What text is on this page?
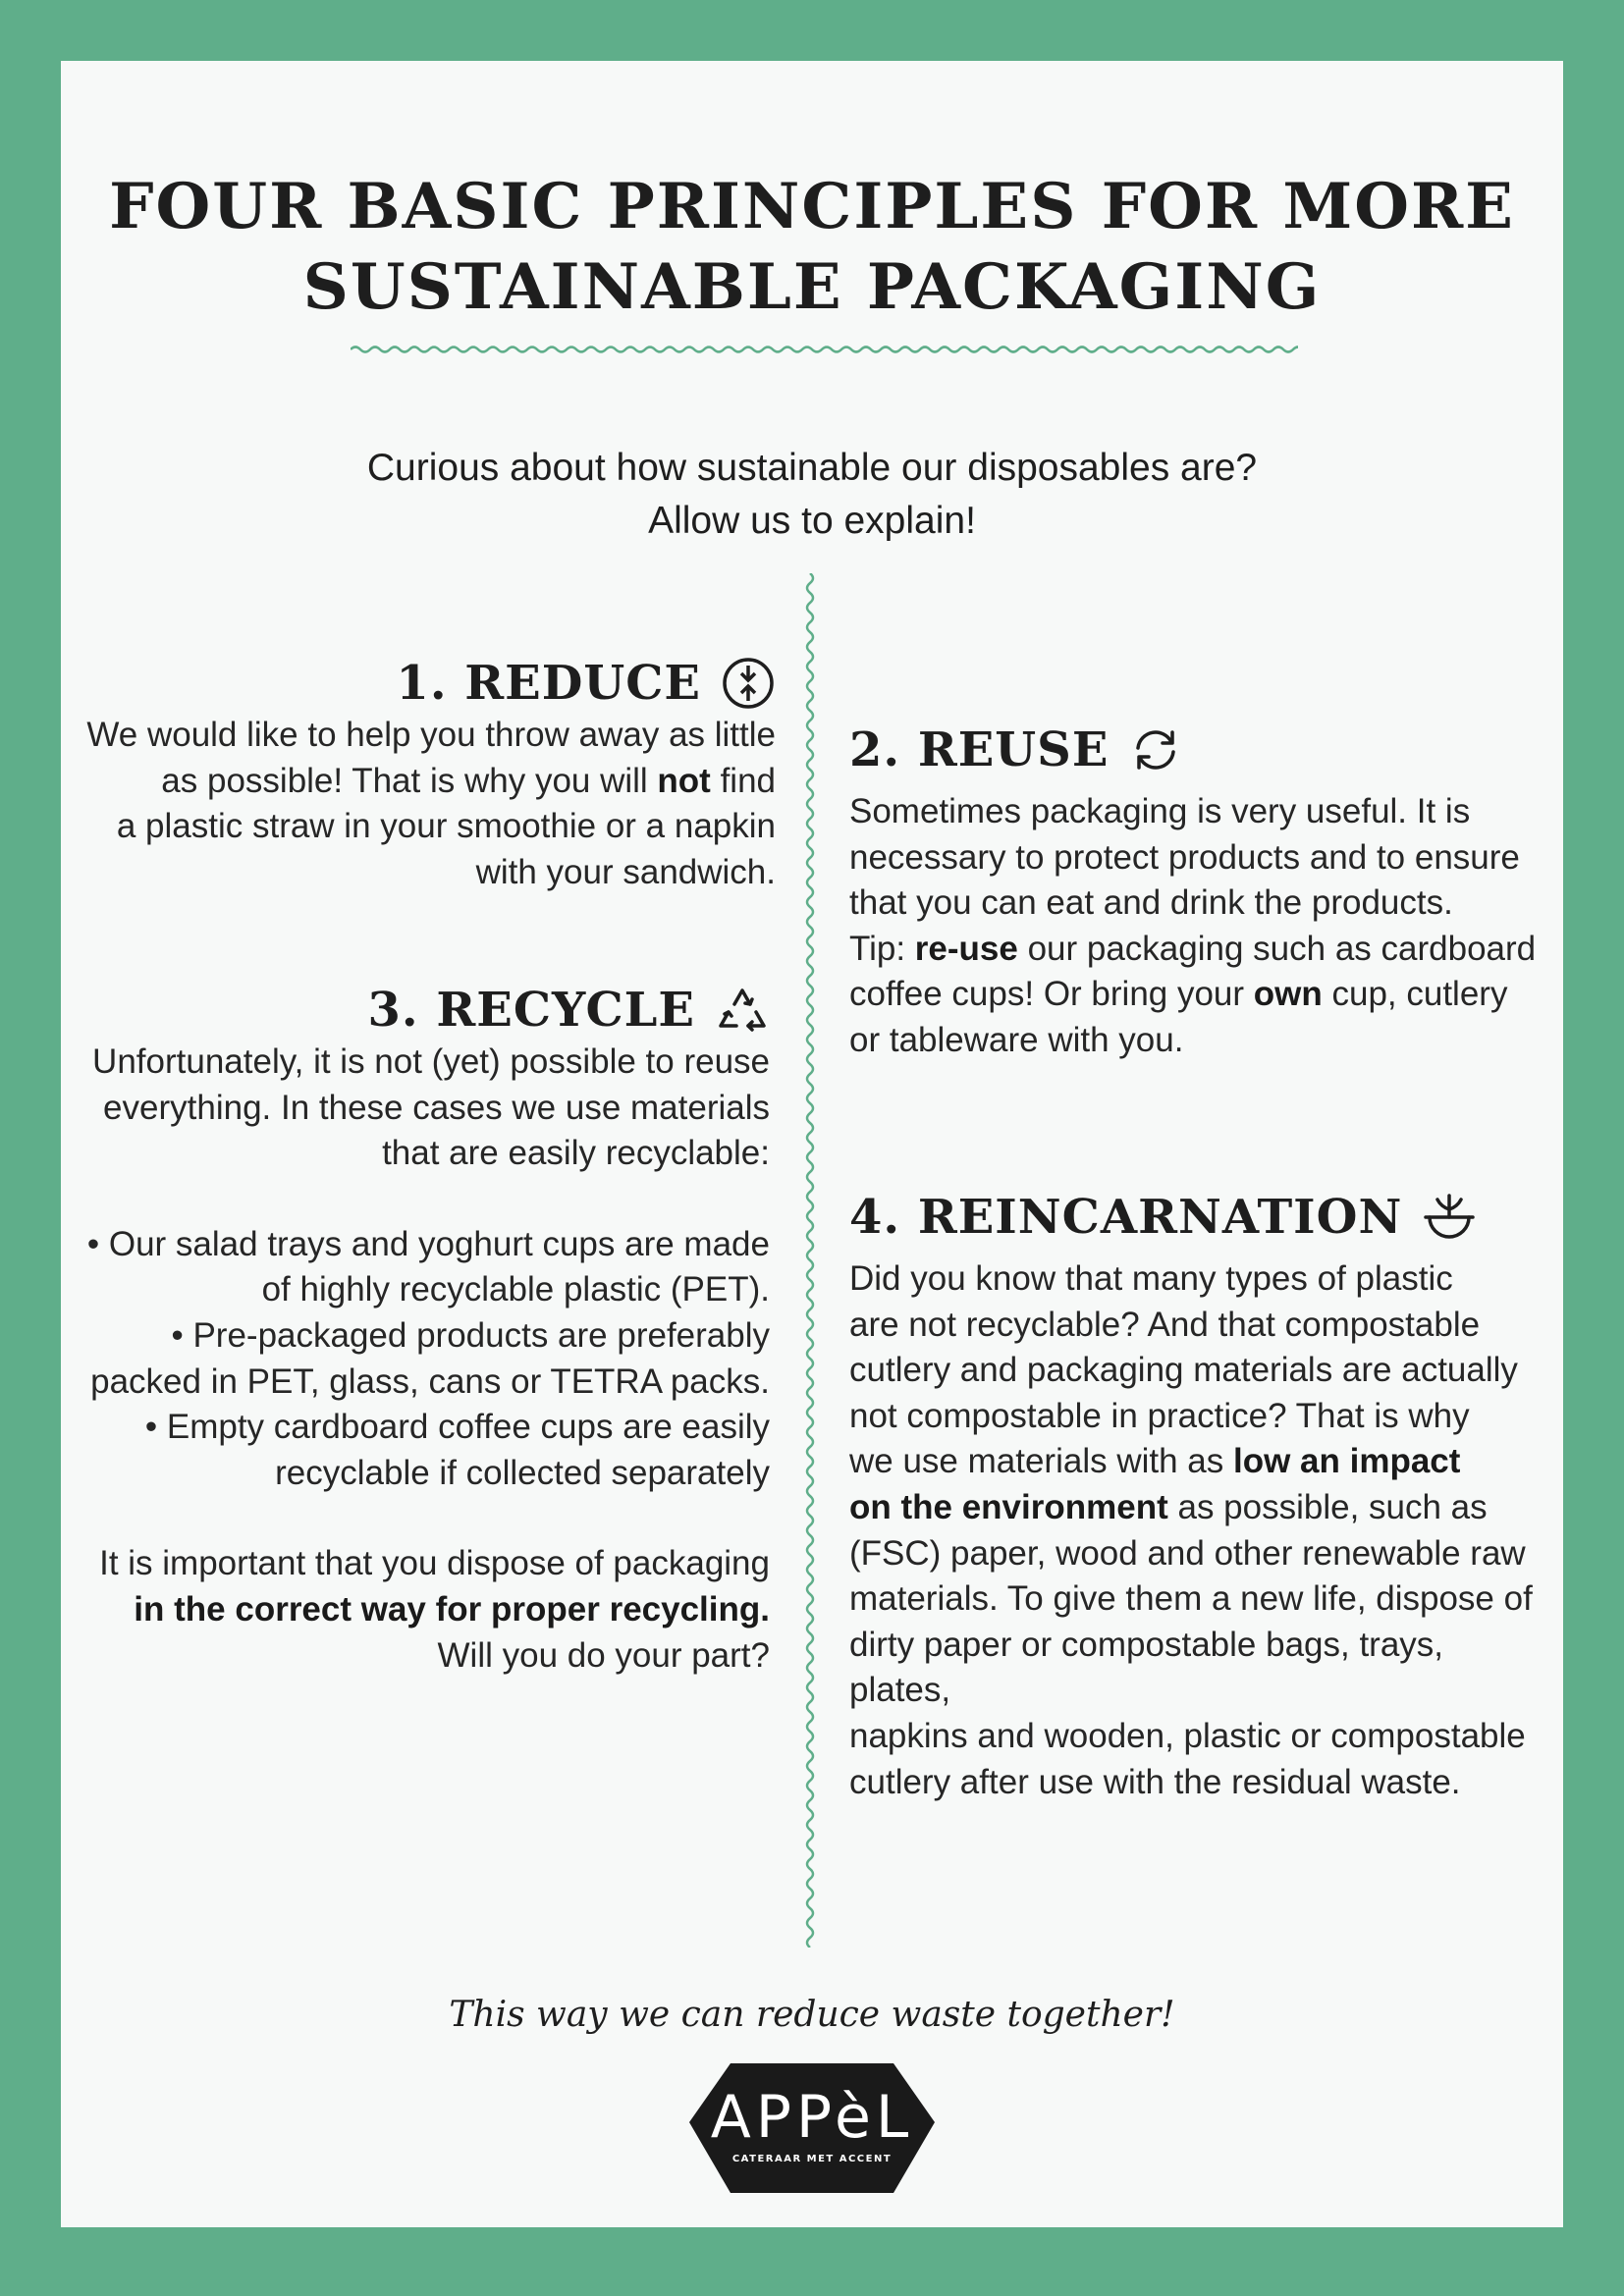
FOUR BASIC PRINCIPLES FOR MORE
SUSTAINABLE PACKAGING
Curious about how sustainable our disposables are?
Allow us to explain!
1. REDUCE

We would like to help you throw away as little

as possible! That is why you will not find

a plastic straw in your smoothie or a napkin

with your sandwich.

3. RECYCLE

Unfortunately, it is not (yet) possible to reuse

everything. In these cases we use materials

that are easily recyclable:

• Our salad trays and yoghurt cups are made

of highly recyclable plastic (PET).

• Pre-packaged products are preferably

packed in PET, glass, cans or TETRA packs.

• Empty cardboard coffee cups are easily

recyclable if collected separately

It is important that you dispose of packaging

in the correct way for proper recycling.

Will you do your part?

2. REUSE

Sometimes packaging is very useful. It is

necessary to protect products and to ensure

that you can eat and drink the products.

Tip: re-use our packaging such as cardboard

coffee cups! Or bring your own cup, cutlery

or tableware with you.

4. REINCARNATION

Did you know that many types of plastic

are not recyclable? And that compostable

cutlery and packaging materials are actually

not compostable in practice? That is why

we use materials with as low an impact

on the environment as possible, such as

(FSC) paper, wood and other renewable raw

materials. To give them a new life, dispose of

dirty paper or compostable bags, trays, plates,

napkins and wooden, plastic or compostable

cutlery after use with the residual waste.

This way we can reduce waste together!
APPèL
CATERAAR MET ACCENT
